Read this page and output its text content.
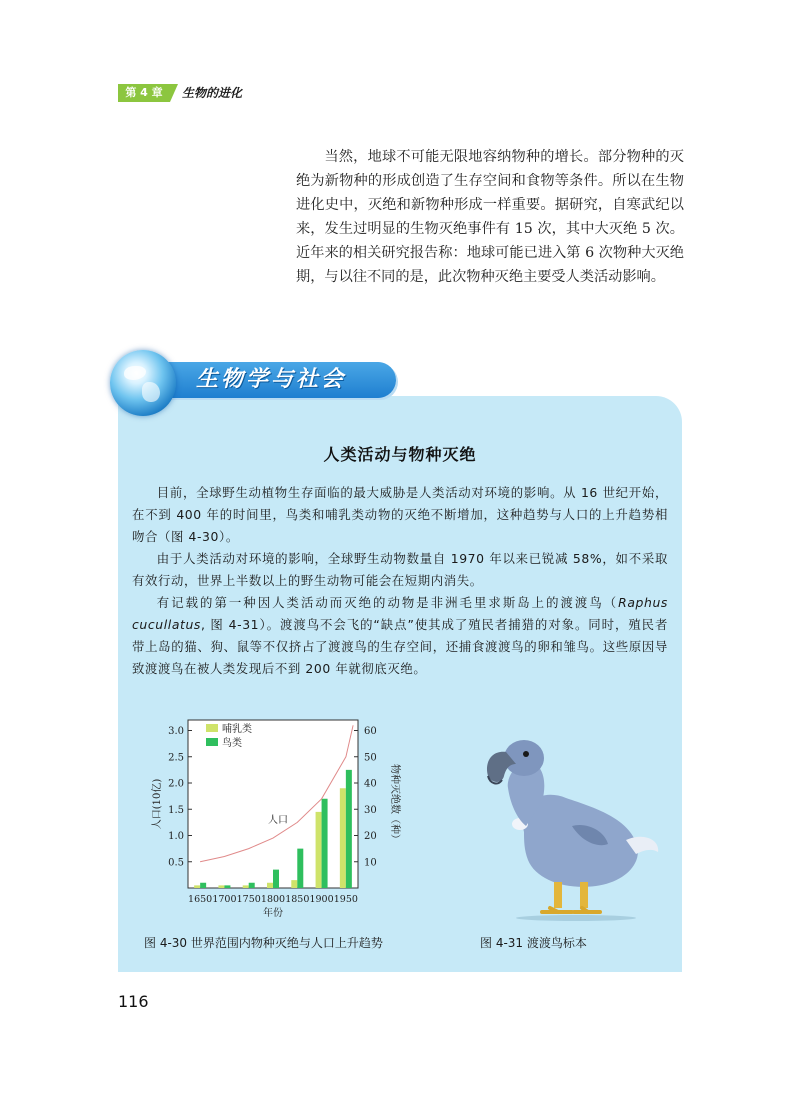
第 4 章	生物的进化
当然，地球不可能无限地容纳物种的增长。部分物种的灭绝为新物种的形成创造了生存空间和食物等条件。所以在生物进化史中，灭绝和新物种形成一样重要。据研究，自寒武纪以来，发生过明显的生物灭绝事件有 15 次，其中大灭绝 5 次。近年来的相关研究报告称：地球可能已进入第 6 次物种大灭绝期，与以往不同的是，此次物种灭绝主要受人类活动影响。
生物学与社会
人类活动与物种灭绝

目前，全球野生动植物生存面临的最大威胁是人类活动对环境的影响。从 16 世纪开始，在不到 400 年的时间里，鸟类和哺乳类动物的灭绝不断增加，这种趋势与人口的上升趋势相吻合（图 4-30）。

由于人类活动对环境的影响，全球野生动物数量自 1970 年以来已锐减 58%，如不采取有效行动，世界上半数以上的野生动物可能会在短期内消失。

有记载的第一种因人类活动而灭绝的动物是非洲毛里求斯岛上的渡渡鸟（Raphus cucullatus, 图 4-31）。渡渡鸟不会飞的“缺点”使其成了殖民者捕猎的对象。同时，殖民者带上岛的猫、狗、鼠等不仅挤占了渡渡鸟的生存空间，还捕食渡渡鸟的卵和雏鸟。这些原因导致渡渡鸟在被人类发现后不到 200 年就彻底灭绝。

0.5
1.0
1.5
2.0
2.5
3.0
10
20
30
40
50
60
1650 1700 1750 1800 1850 1900 1950
人口
哺乳类
鸟类
人口(10亿)	物种灭绝数（种）
年份
图 4-30 世界范围内物种灭绝与人口上升趋势	图 4-31 渡渡鸟标本
116
